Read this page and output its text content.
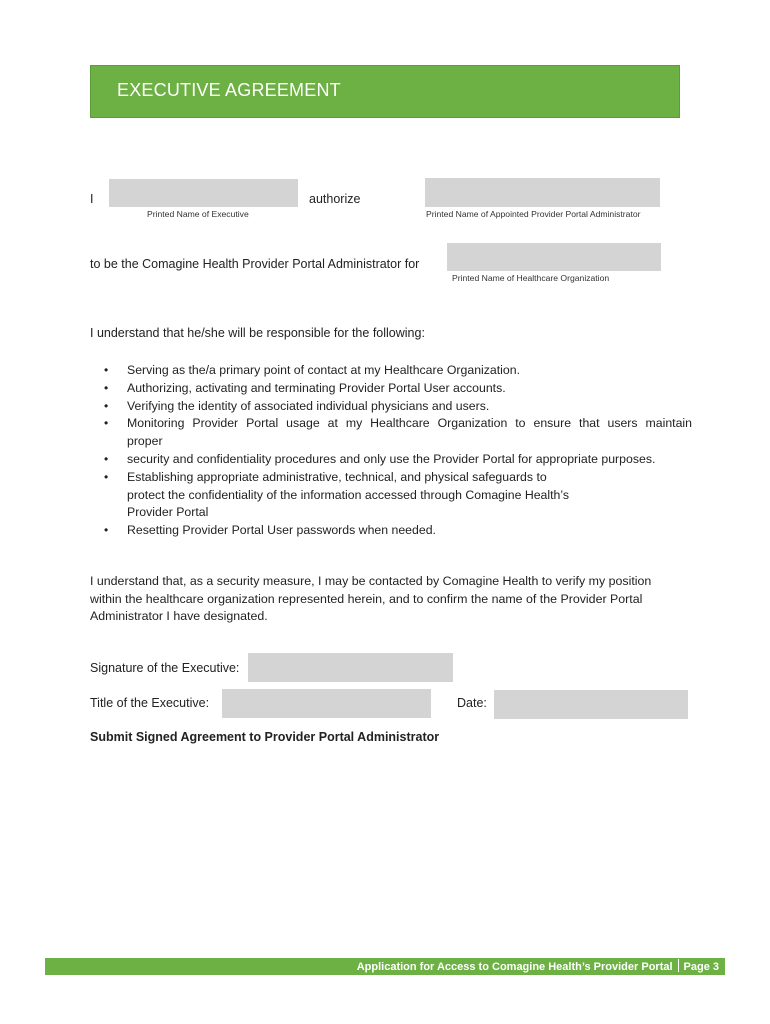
EXECUTIVE AGREEMENT
I
Printed Name of Executive
authorize
Printed Name of Appointed Provider Portal Administrator
to be the Comagine Health Provider Portal Administrator for
Printed Name of Healthcare Organization
I understand that he/she will be responsible for the following:
• Serving as the/a primary point of contact at my Healthcare Organization.
• Authorizing, activating and terminating Provider Portal User accounts.
• Verifying the identity of associated individual physicians and users.
• Monitoring Provider Portal usage at my Healthcare Organization to ensure that users maintain
proper
• security and confidentiality procedures and only use the Provider Portal for appropriate purposes.
• Establishing appropriate administrative, technical, and physical safeguards to
protect the confidentiality of the information accessed through Comagine Health’s
Provider Portal
• Resetting Provider Portal User passwords when needed.
I understand that, as a security measure, I may be contacted by Comagine Health to verify my position
within the healthcare organization represented herein, and to confirm the name of the Provider Portal
Administrator I have designated.
Signature of the Executive:
Title of the Executive:	Date:
Submit Signed Agreement to Provider Portal Administrator
Application for Access to Comagine Health’s Provider Portal Page 3
